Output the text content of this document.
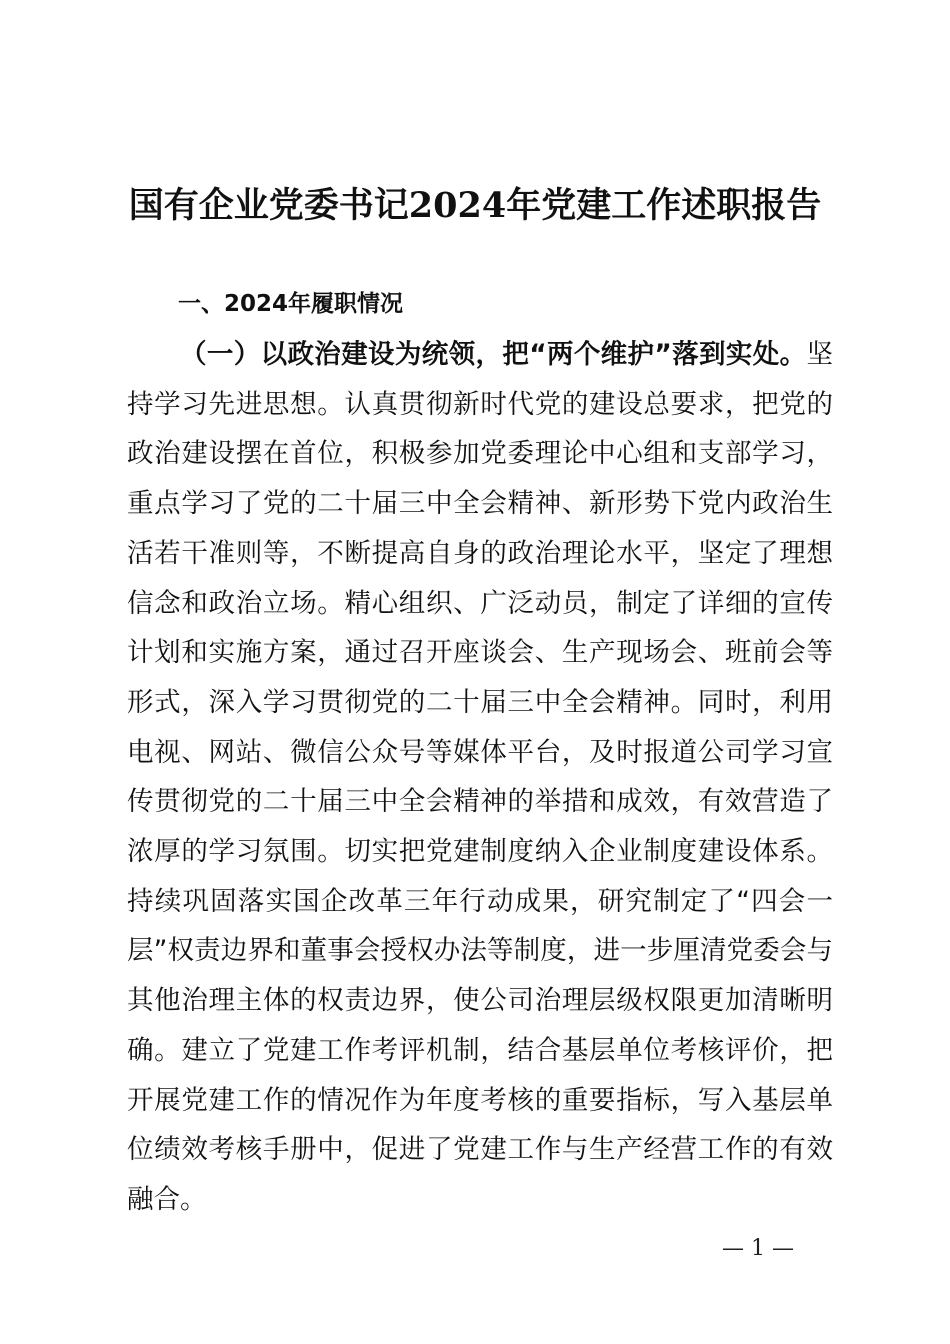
国有企业党委书记2024年党建工作述职报告
一、2024年履职情况
（一）以政治建设为统领，把“两个维护”落到实处。坚持学习先进思想。认真贯彻新时代党的建设总要求，把党的政治建设摆在首位，积极参加党委理论中心组和支部学习，重点学习了党的二十届三中全会精神、新形势下党内政治生活若干准则等，不断提高自身的政治理论水平，坚定了理想信念和政治立场。精心组织、广泛动员，制定了详细的宣传计划和实施方案，通过召开座谈会、生产现场会、班前会等形式，深入学习贯彻党的二十届三中全会精神。同时，利用电视、网站、微信公众号等媒体平台，及时报道公司学习宣传贯彻党的二十届三中全会精神的举措和成效，有效营造了浓厚的学习氛围。切实把党建制度纳入企业制度建设体系。持续巩固落实国企改革三年行动成果，研究制定了“四会一层”权责边界和董事会授权办法等制度，进一步厘清党委会与其他治理主体的权责边界，使公司治理层级权限更加清晰明确。建立了党建工作考评机制，结合基层单位考核评价，把开展党建工作的情况作为年度考核的重要指标，写入基层单位绩效考核手册中，促进了党建工作与生产经营工作的有效融合。
— 1 —
